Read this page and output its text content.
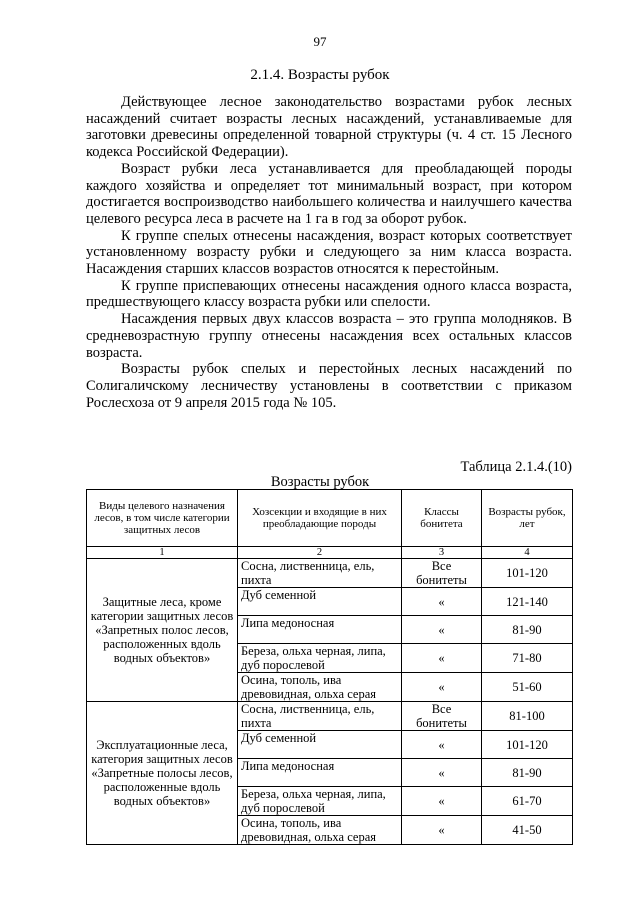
97
2.1.4. Возрасты рубок

Действующее лесное законодательство возрастами рубок лесных насаждений считает возрасты лесных насаждений, устанавливаемые для заготовки древесины определенной товарной структуры (ч. 4 ст. 15 Лесного кодекса Российской Федерации).

Возраст рубки леса устанавливается для преобладающей породы каждого хозяйства и определяет тот минимальный возраст, при котором достигается воспроизводство наибольшего количества и наилучшего качества целевого ресурса леса в расчете на 1 га в год за оборот рубок.

К группе спелых отнесены насаждения, возраст которых соответствует установленному возрасту рубки и следующего за ним класса возраста. Насаждения старших классов возрастов относятся к перестойным.

К группе приспевающих отнесены насаждения одного класса возраста, предшествующего классу возраста рубки или спелости.

Насаждения первых двух классов возраста – это группа молодняков. В средневозрастную группу отнесены насаждения всех остальных классов возраста.

Возрасты рубок спелых и перестойных лесных насаждений по Солигаличскому лесничеству установлены в соответствии с приказом Рослесхоза от 9 апреля 2015 года № 105.

Таблица 2.1.4.(10)
Возрасты рубок
Виды целевого назначения лесов, в том числе категории защитных лесов	Хозсекции и входящие в них преобладающие породы	Классы бонитета	Возрасты рубок, лет
1	2	3	4
Защитные леса, кроме категории защитных лесов «Запретных полос лесов, расположенных вдоль водных объектов»	Сосна, лиственница, ель, пихта	Все бонитеты	101-120
	Дуб семенной	«	121-140
	Липа медоносная	«	81-90
	Береза, ольха черная, липа, дуб порослевой	«	71-80
	Осина, тополь, ива древовидная, ольха серая	«	51-60
Эксплуатационные леса, категория защитных лесов «Запретные полосы лесов, расположенные вдоль водных объектов»	Сосна, лиственница, ель, пихта	Все бонитеты	81-100
	Дуб семенной	«	101-120
	Липа медоносная	«	81-90
	Береза, ольха черная, липа, дуб порослевой	«	61-70
	Осина, тополь, ива древовидная, ольха серая	«	41-50
